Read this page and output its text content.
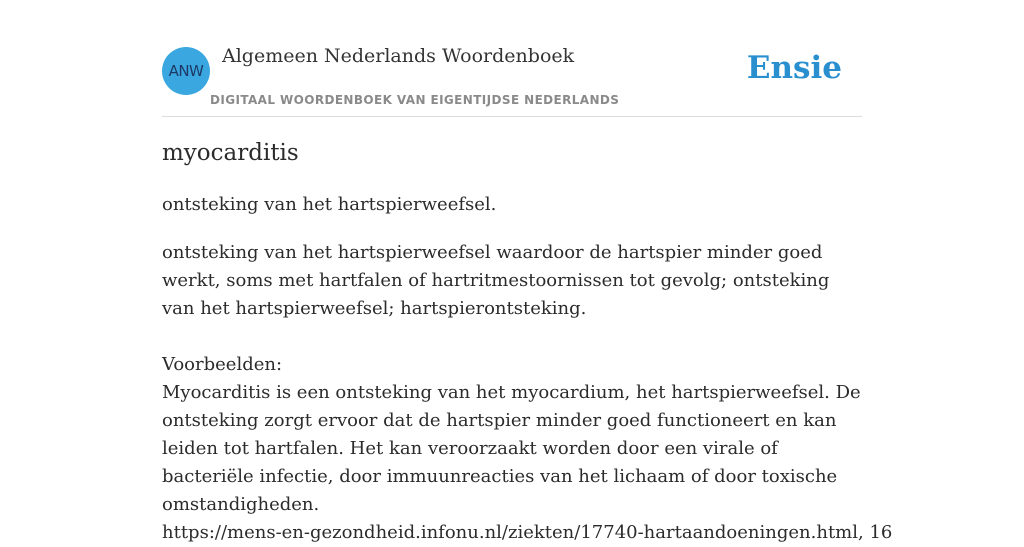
ANW
Algemeen Nederlands Woordenboek
DIGITAAL WOORDENBOEK VAN EIGENTIJDSE NEDERLANDS
Ensie
myocarditis
ontsteking van het hartspierweefsel.

ontsteking van het hartspierweefsel waardoor de hartspier minder goed werkt, soms met hartfalen of hartritmestoornissen tot gevolg; ontsteking van het hartspierweefsel; hartspierontsteking.

Voorbeelden:

Myocarditis is een ontsteking van het myocardium, het hartspierweefsel. De ontsteking zorgt ervoor dat de hartspier minder goed functioneert en kan leiden tot hartfalen. Het kan veroorzaakt worden door een virale of bacteriële infectie, door immuunreacties van het lichaam of door toxische omstandigheden.

https://mens-en-gezondheid.infonu.nl/ziekten/17740-hartaandoeningen.html, 16
